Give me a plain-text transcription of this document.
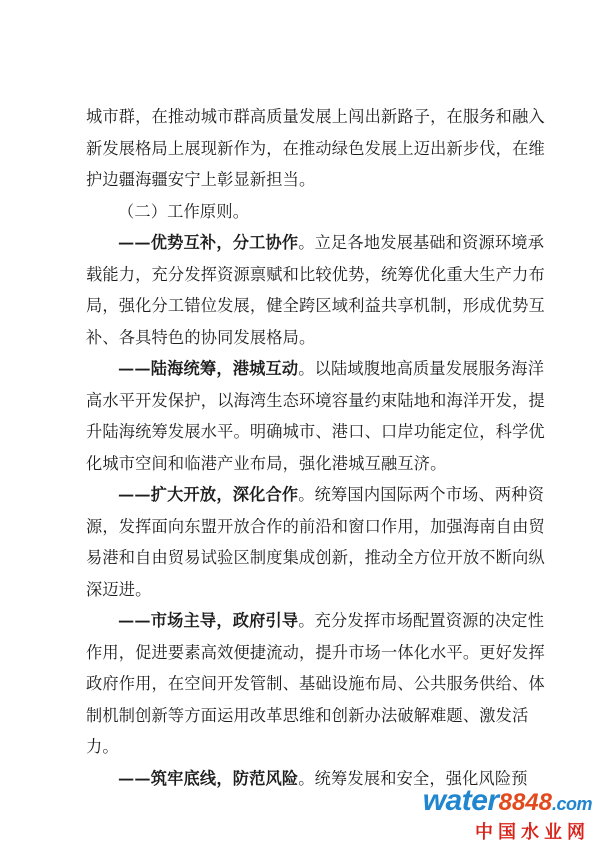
城市群，在推动城市群高质量发展上闯出新路子，在服务和融入
新发展格局上展现新作为，在推动绿色发展上迈出新步伐，在维
护边疆海疆安宁上彰显新担当。
（二）工作原则。
——优势互补，分工协作。立足各地发展基础和资源环境承
载能力，充分发挥资源禀赋和比较优势，统筹优化重大生产力布
局，强化分工错位发展，健全跨区域利益共享机制，形成优势互
补、各具特色的协同发展格局。
——陆海统筹，港城互动。以陆域腹地高质量发展服务海洋
高水平开发保护，以海湾生态环境容量约束陆地和海洋开发，提
升陆海统筹发展水平。明确城市、港口、口岸功能定位，科学优
化城市空间和临港产业布局，强化港城互融互济。
——扩大开放，深化合作。统筹国内国际两个市场、两种资
源，发挥面向东盟开放合作的前沿和窗口作用，加强海南自由贸
易港和自由贸易试验区制度集成创新，推动全方位开放不断向纵
深迈进。
——市场主导，政府引导。充分发挥市场配置资源的决定性
作用，促进要素高效便捷流动，提升市场一体化水平。更好发挥
政府作用，在空间开发管制、基础设施布局、公共服务供给、体
制机制创新等方面运用改革思维和创新办法破解难题、激发活
力。
——筑牢底线，防范风险。统筹发展和安全，强化风险预
water8848.com
中国水业网
